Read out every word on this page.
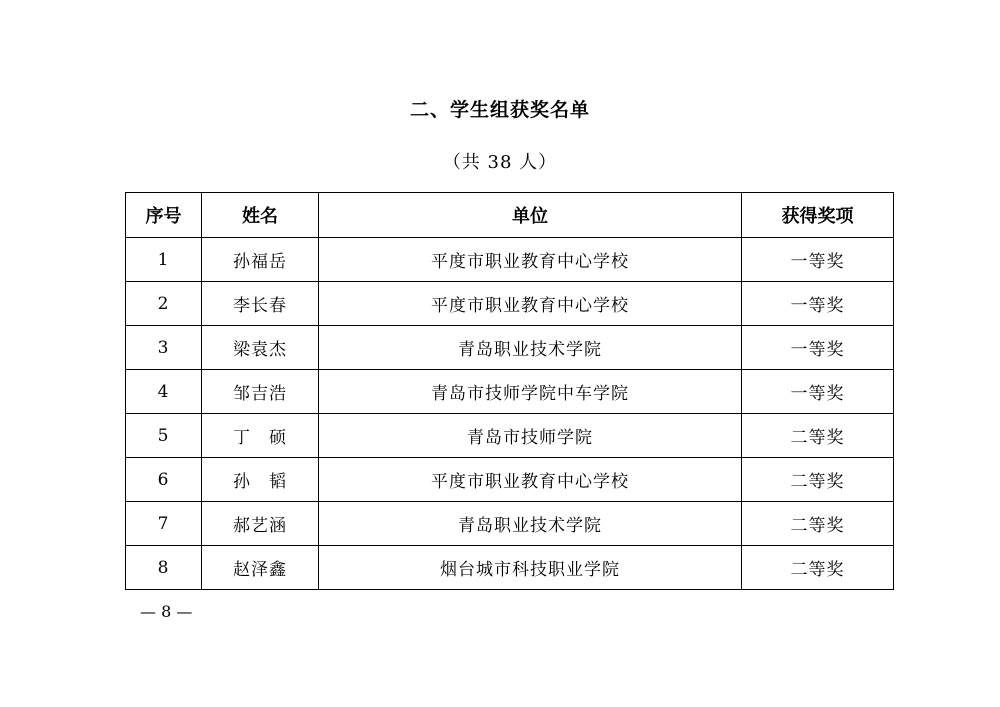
二、学生组获奖名单
（共 38 人）
序号	姓名	单位	获得奖项
1	孙福岳	平度市职业教育中心学校	一等奖
2	李长春	平度市职业教育中心学校	一等奖
3	梁袁杰	青岛职业技术学院	一等奖
4	邹吉浩	青岛市技师学院中车学院	一等奖
5	丁　硕	青岛市技师学院	二等奖
6	孙　韬	平度市职业教育中心学校	二等奖
7	郝艺涵	青岛职业技术学院	二等奖
8	赵泽鑫	烟台城市科技职业学院	二等奖
— 8 —
